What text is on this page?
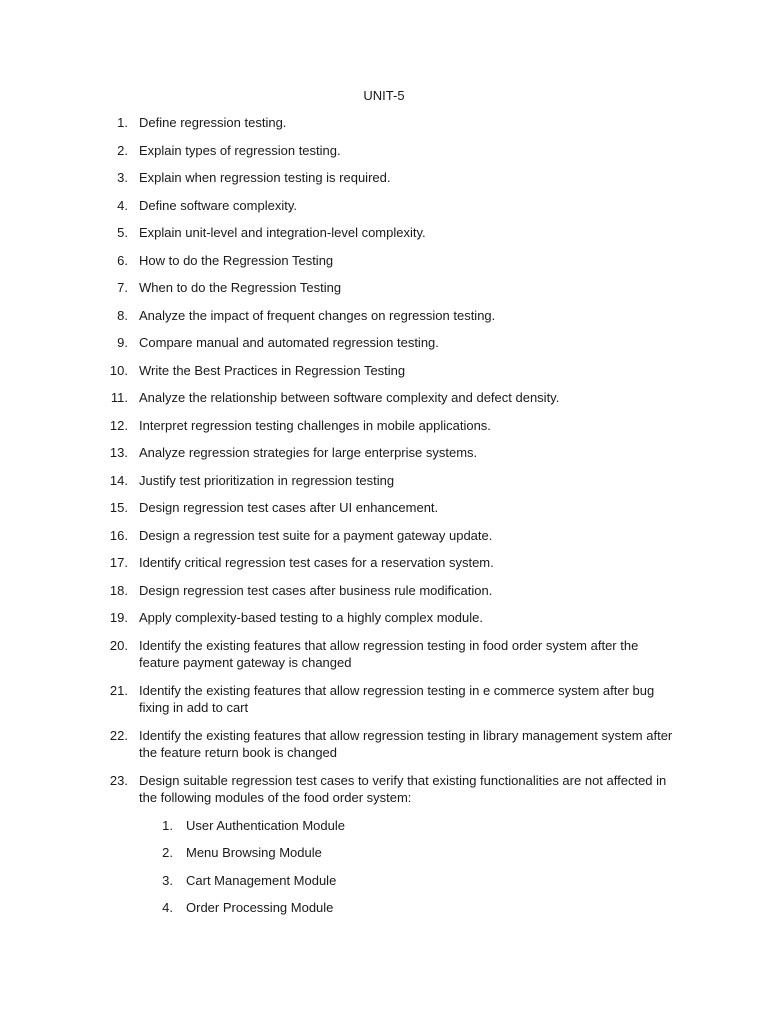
UNIT-5
1. Define regression testing.
2. Explain types of regression testing.
3. Explain when regression testing is required.
4. Define software complexity.
5. Explain unit-level and integration-level complexity.
6. How to do the Regression Testing
7. When to do the Regression Testing
8. Analyze the impact of frequent changes on regression testing.
9. Compare manual and automated regression testing.
10. Write the Best Practices in Regression Testing
11. Analyze the relationship between software complexity and defect density.
12. Interpret regression testing challenges in mobile applications.
13. Analyze regression strategies for large enterprise systems.
14. Justify test prioritization in regression testing
15. Design regression test cases after UI enhancement.
16. Design a regression test suite for a payment gateway update.
17. Identify critical regression test cases for a reservation system.
18. Design regression test cases after business rule modification.
19. Apply complexity-based testing to a highly complex module.
20. Identify the existing features that allow regression testing in food order system after the feature payment gateway is changed
21. Identify the existing features that allow regression testing in e commerce system after bug fixing in add to cart
22. Identify the existing features that allow regression testing in library management system after the feature return book is changed
23. Design suitable regression test cases to verify that existing functionalities are not affected in the following modules of the food order system:
1. User Authentication Module
2. Menu Browsing Module
3. Cart Management Module
4. Order Processing Module
